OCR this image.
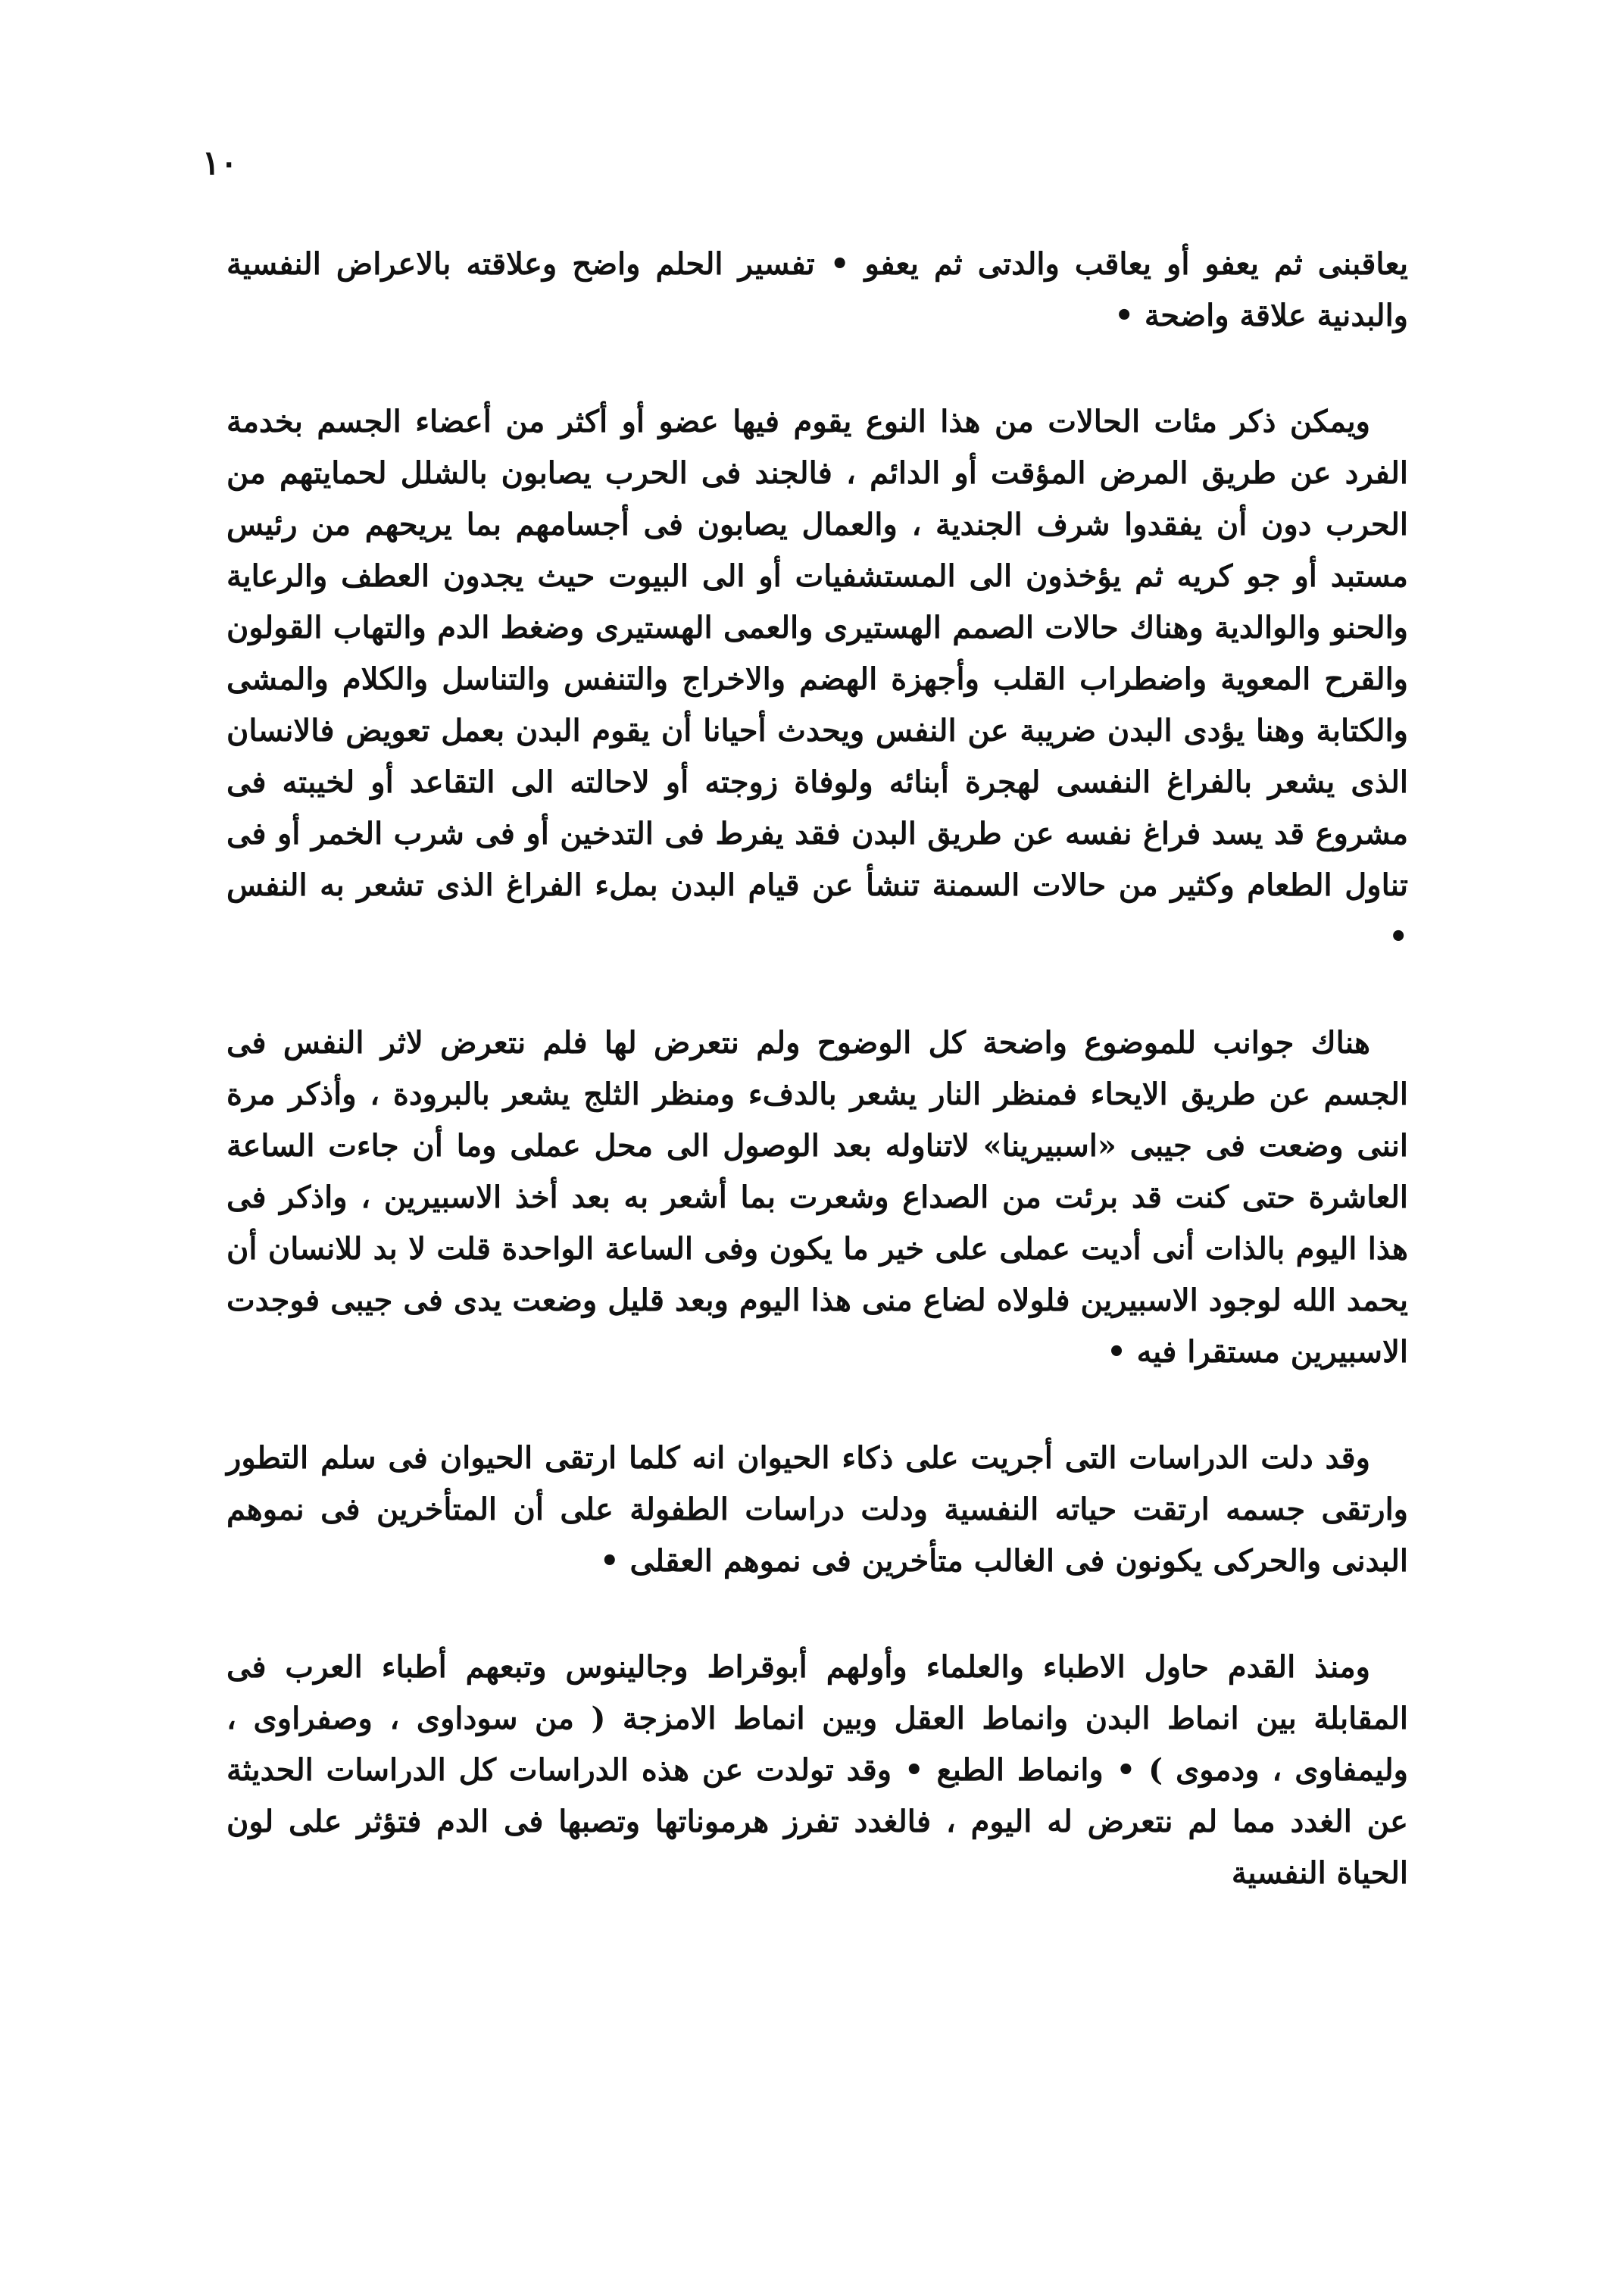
١٠

يعاقبنى ثم يعفو أو يعاقب والدتى ثم يعفو • تفسير الحلم واضح وعلاقته بالاعراض النفسية والبدنية علاقة واضحة •

ويمكن ذكر مئات الحالات من هذا النوع يقوم فيها عضو أو أكثر من أعضاء الجسم بخدمة الفرد عن طريق المرض المؤقت أو الدائم ، فالجند فى الحرب يصابون بالشلل لحمايتهم من الحرب دون أن يفقدوا شرف الجندية ، والعمال يصابون فى أجسامهم بما يريحهم من رئيس مستبد أو جو كريه ثم يؤخذون الى المستشفيات أو الى البيوت حيث يجدون العطف والرعاية والحنو والوالدية وهناك حالات الصمم الهستيرى والعمى الهستيرى وضغط الدم والتهاب القولون والقرح المعوية واضطراب القلب وأجهزة الهضم والاخراج والتنفس والتناسل والكلام والمشى والكتابة وهنا يؤدى البدن ضريبة عن النفس ويحدث أحيانا أن يقوم البدن بعمل تعويض فالانسان الذى يشعر بالفراغ النفسى لهجرة أبنائه ولوفاة زوجته أو لاحالته الى التقاعد أو لخيبته فى مشروع قد يسد فراغ نفسه عن طريق البدن فقد يفرط فى التدخين أو فى شرب الخمر أو فى تناول الطعام وكثير من حالات السمنة تنشأ عن قيام البدن بملء الفراغ الذى تشعر به النفس •

هناك جوانب للموضوع واضحة كل الوضوح ولم نتعرض لها فلم نتعرض لاثر النفس فى الجسم عن طريق الايحاء فمنظر النار يشعر بالدفء ومنظر الثلج يشعر بالبرودة ، وأذكر مرة اننى وضعت فى جيبى «اسبيرينا» لاتناوله بعد الوصول الى محل عملى وما أن جاءت الساعة العاشرة حتى كنت قد برئت من الصداع وشعرت بما أشعر به بعد أخذ الاسبيرين ، واذكر فى هذا اليوم بالذات أنى أديت عملى على خير ما يكون وفى الساعة الواحدة قلت لا بد للانسان أن يحمد الله لوجود الاسبيرين فلولاه لضاع منى هذا اليوم وبعد قليل وضعت يدى فى جيبى فوجدت الاسبيرين مستقرا فيه •

وقد دلت الدراسات التى أجريت على ذكاء الحيوان انه كلما ارتقى الحيوان فى سلم التطور وارتقى جسمه ارتقت حياته النفسية ودلت دراسات الطفولة على أن المتأخرين فى نموهم البدنى والحركى يكونون فى الغالب متأخرين فى نموهم العقلى •

ومنذ القدم حاول الاطباء والعلماء وأولهم أبوقراط وجالينوس وتبعهم أطباء العرب فى المقابلة بين انماط البدن وانماط العقل وبين انماط الامزجة ( من سوداوى ، وصفراوى ، وليمفاوى ، ودموى ) • وانماط الطبع • وقد تولدت عن هذه الدراسات كل الدراسات الحديثة عن الغدد مما لم نتعرض له اليوم ، فالغدد تفرز هرموناتها وتصبها فى الدم فتؤثر على لون الحياة النفسية
